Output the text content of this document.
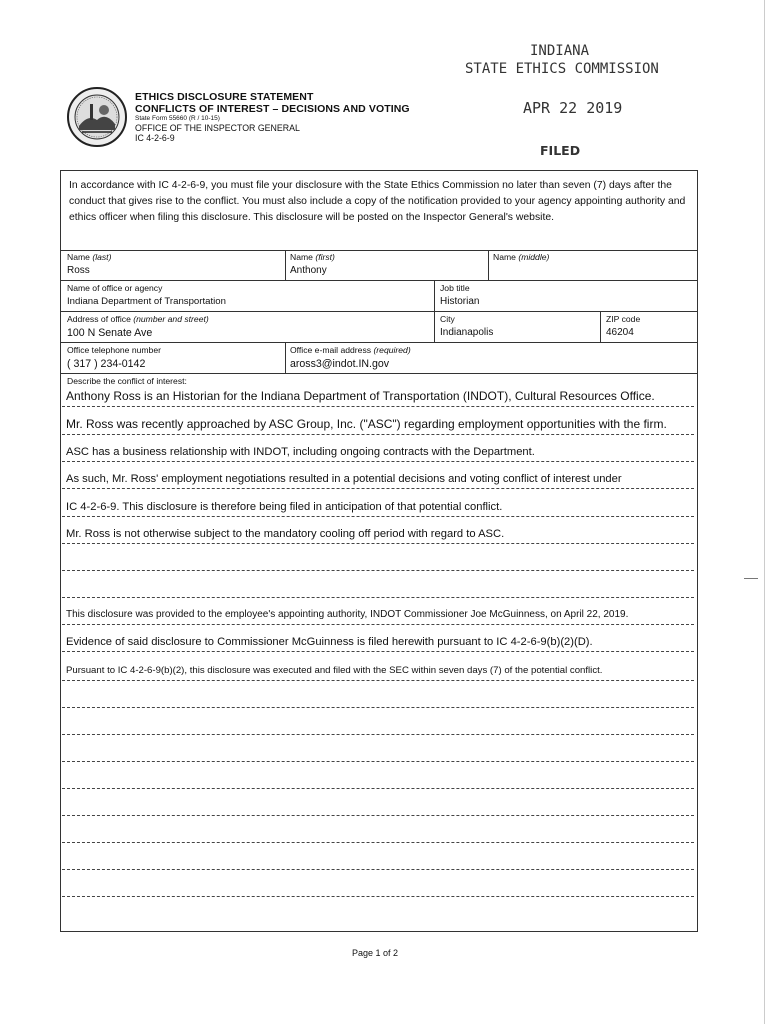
INDIANA
STATE ETHICS COMMISSION
APR 22 2019
FILED
ETHICS DISCLOSURE STATEMENT
CONFLICTS OF INTEREST – DECISIONS AND VOTING
State Form 55660 (R / 10-15)
OFFICE OF THE INSPECTOR GENERAL
IC 4-2-6-9
In accordance with IC 4-2-6-9, you must file your disclosure with the State Ethics Commission no later than seven (7) days after the conduct that gives rise to the conflict. You must also include a copy of the notification provided to your agency appointing authority and ethics officer when filing this disclosure. This disclosure will be posted on the Inspector General's website.
Name (last)
Ross
Name (first)
Anthony
Name (middle)
Name of office or agency
Indiana Department of Transportation
Job title
Historian
Address of office (number and street)
100 N Senate Ave
City
Indianapolis
ZIP code
46204
Office telephone number
( 317 ) 234-0142
Office e-mail address (required)
aross3@indot.IN.gov
Describe the conflict of interest:
Anthony Ross is an Historian for the Indiana Department of Transportation (INDOT), Cultural Resources Office.
Mr. Ross was recently approached by ASC Group, Inc. ("ASC") regarding employment opportunities with the firm.
ASC has a business relationship with INDOT, including ongoing contracts with the Department.
As such, Mr. Ross' employment negotiations resulted in a potential decisions and voting conflict of interest under
IC 4-2-6-9. This disclosure is therefore being filed in anticipation of that potential conflict.
Mr. Ross is not otherwise subject to the mandatory cooling off period with regard to ASC.
This disclosure was provided to the employee's appointing authority, INDOT Commissioner Joe McGuinness, on April 22, 2019.
Evidence of said disclosure to Commissioner McGuinness is filed herewith pursuant to IC 4-2-6-9(b)(2)(D).
Pursuant to IC 4-2-6-9(b)(2), this disclosure was executed and filed with the SEC within seven days (7) of the potential conflict.
Page 1 of 2
